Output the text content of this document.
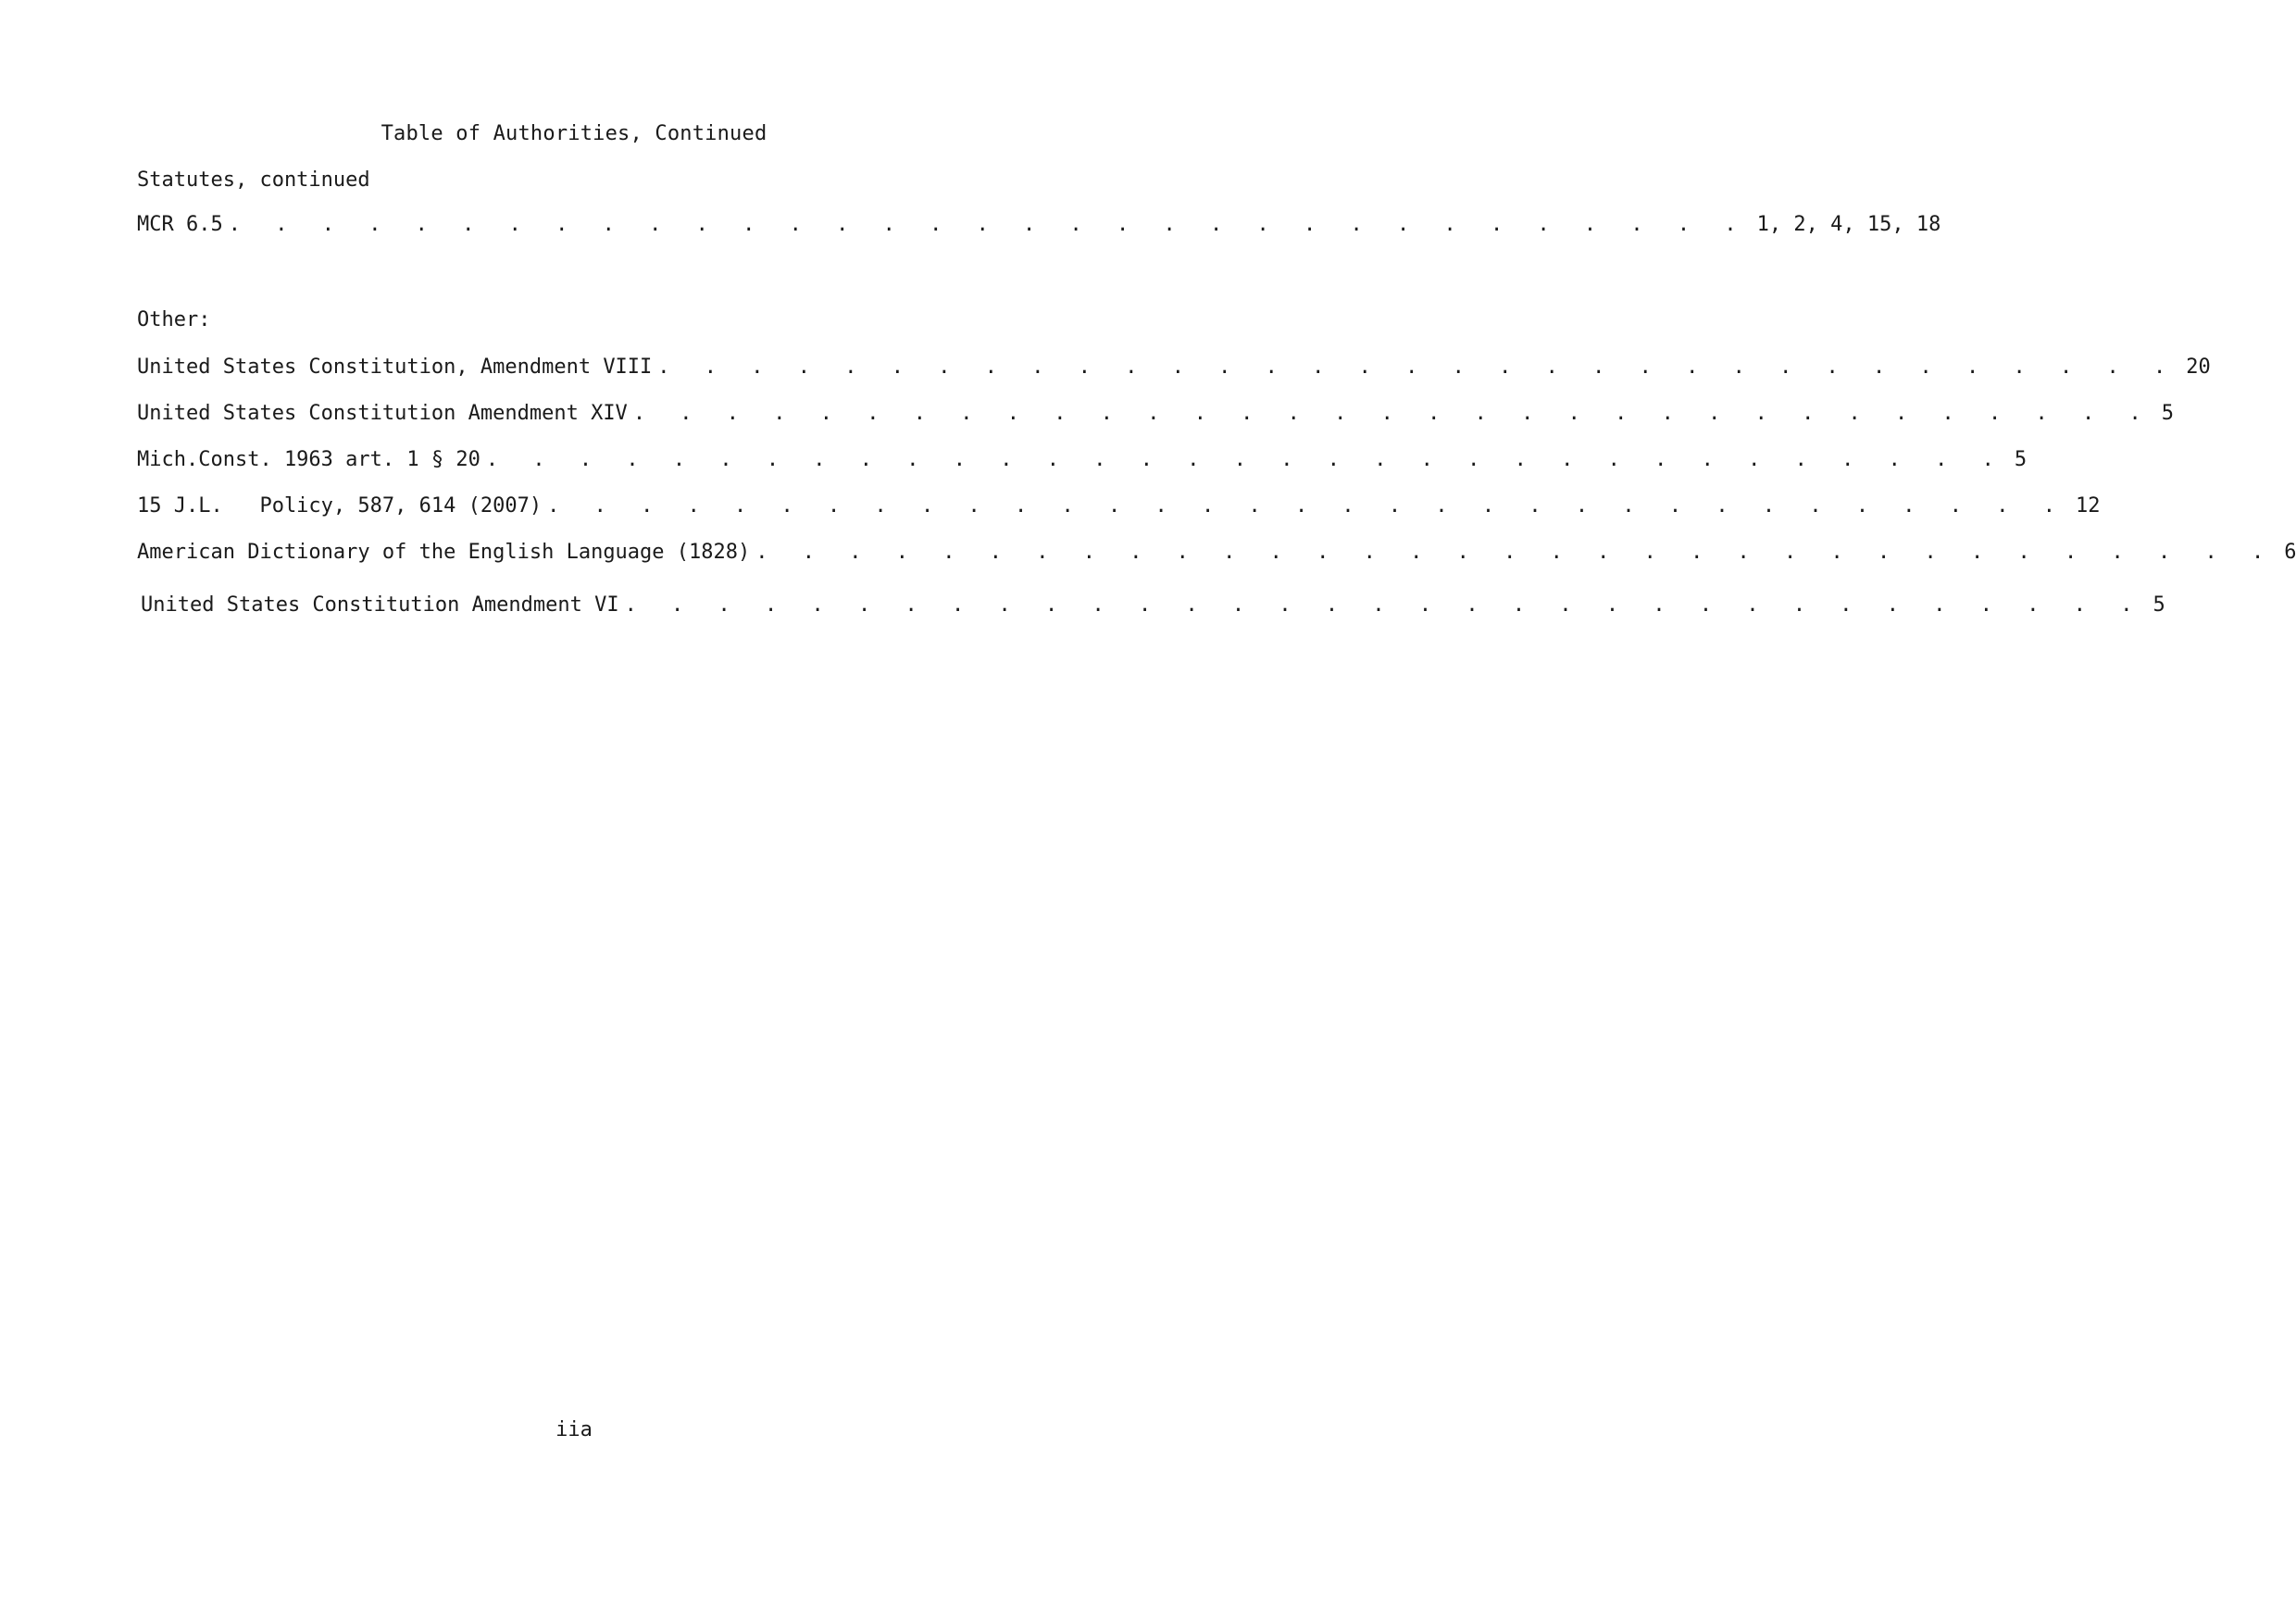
Table of Authorities, Continued
Statutes, continued
MCR 6.5 . . . . . . . . . . . . . . . . . . . . . . . . . . . . . . . . . 1, 2, 4, 15, 18
Other:
United States Constitution, Amendment VIII . . . . . . . . . . . . . . . . . . . . . . . . . . . . . . . . . 20
United States Constitution Amendment XIV . . . . . . . . . . . . . . . . . . . . . . . . . . . . . . . . . 5
Mich.Const. 1963 art. 1 § 20 . . . . . . . . . . . . . . . . . . . . . . . . . . . . . . . . . 5
15 J.L.   Policy, 587, 614 (2007) . . . . . . . . . . . . . . . . . . . . . . . . . . . . . . . . . 12
American Dictionary of the English Language (1828) . . . . . . . . . . . . . . . . . . . . . . . . . . . . . . . . . 6
United States Constitution Amendment VI . . . . . . . . . . . . . . . . . . . . . . . . . . . . . . . . . 5
iia
